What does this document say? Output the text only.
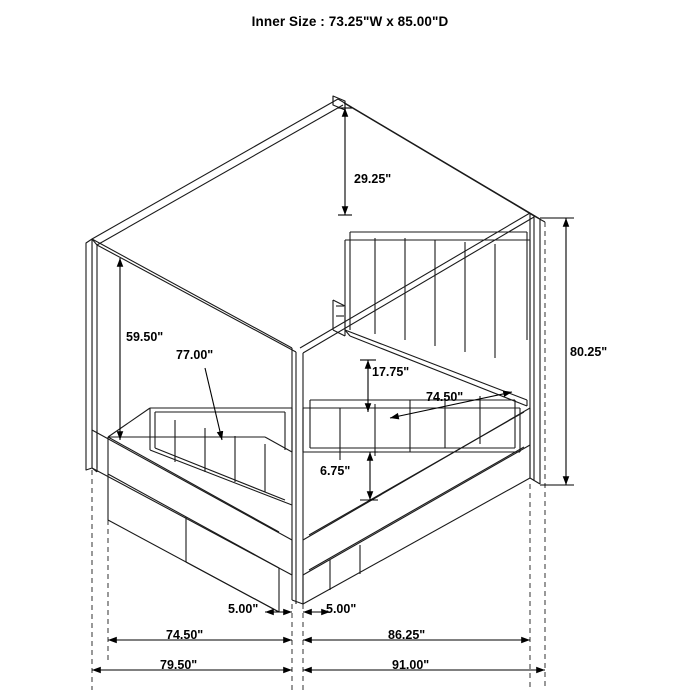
Inner Size : 73.25"W x 85.00"D
29.25"
80.25"
59.50"
77.00"
17.75"
74.50"
6.75"
5.00"	5.00"
74.50"	86.25"
79.50"	91.00"
